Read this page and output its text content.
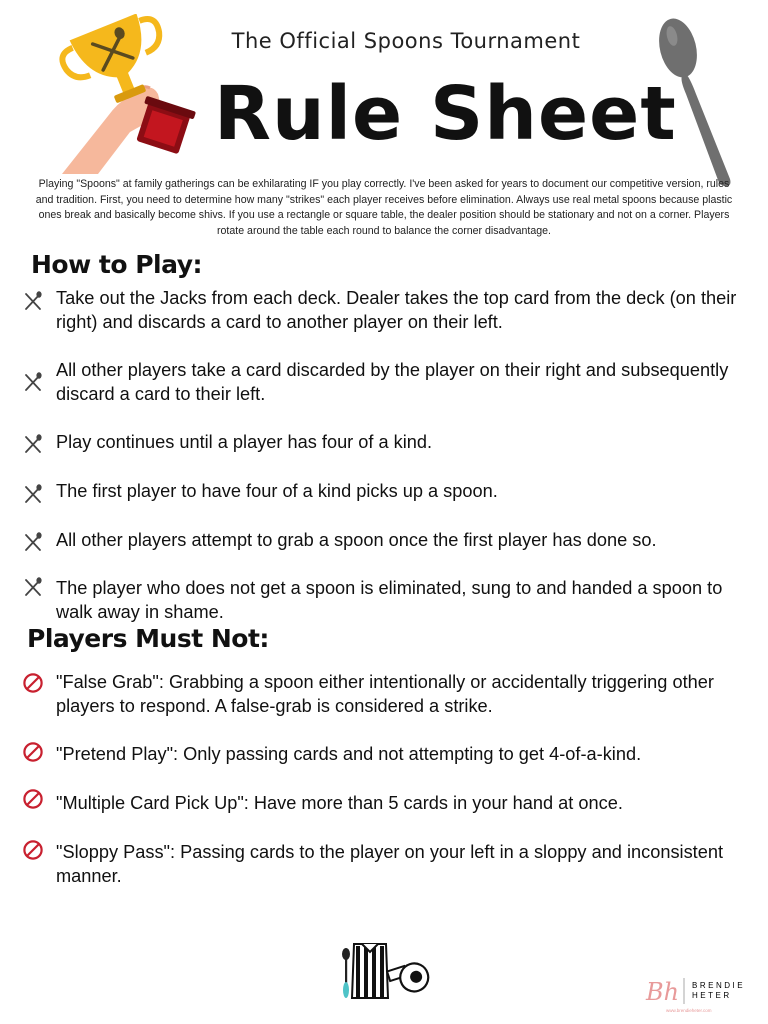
The Official Spoons Tournament
Rule Sheet
Playing "Spoons" at family gatherings can be exhilarating IF you play correctly. I've been asked for years to document our competitive version, rules and tradition. First, you need to determine how many "strikes" each player receives before elimination. Always use real metal spoons because plastic ones break and basically become shivs. If you use a rectangle or square table, the dealer position should be stationary and not on a corner. Players rotate around the table each round to balance the corner disadvantage.
How to Play:
Take out the Jacks from each deck. Dealer takes the top card from the deck (on their right) and discards a card to another player on their left.
All other players take a card discarded by the player on their right and subsequently discard a card to their left.
Play continues until a player has four of a kind.
The first player to have four of a kind picks up a spoon.
All other players attempt to grab a spoon once the first player has done so.
The player who does not get a spoon is eliminated, sung to and handed a spoon to walk away in shame.
Players Must Not:
"False Grab": Grabbing a spoon either intentionally or accidentally triggering other players to respond. A false-grab is considered a strike.
"Pretend Play": Only passing cards and not attempting to get 4-of-a-kind.
"Multiple Card Pick Up": Have more than 5 cards in your hand at once.
"Sloppy Pass": Passing cards to the player on your left in a sloppy and inconsistent manner.
Bh BRENDIE
HETER
www.brendieheter.com
